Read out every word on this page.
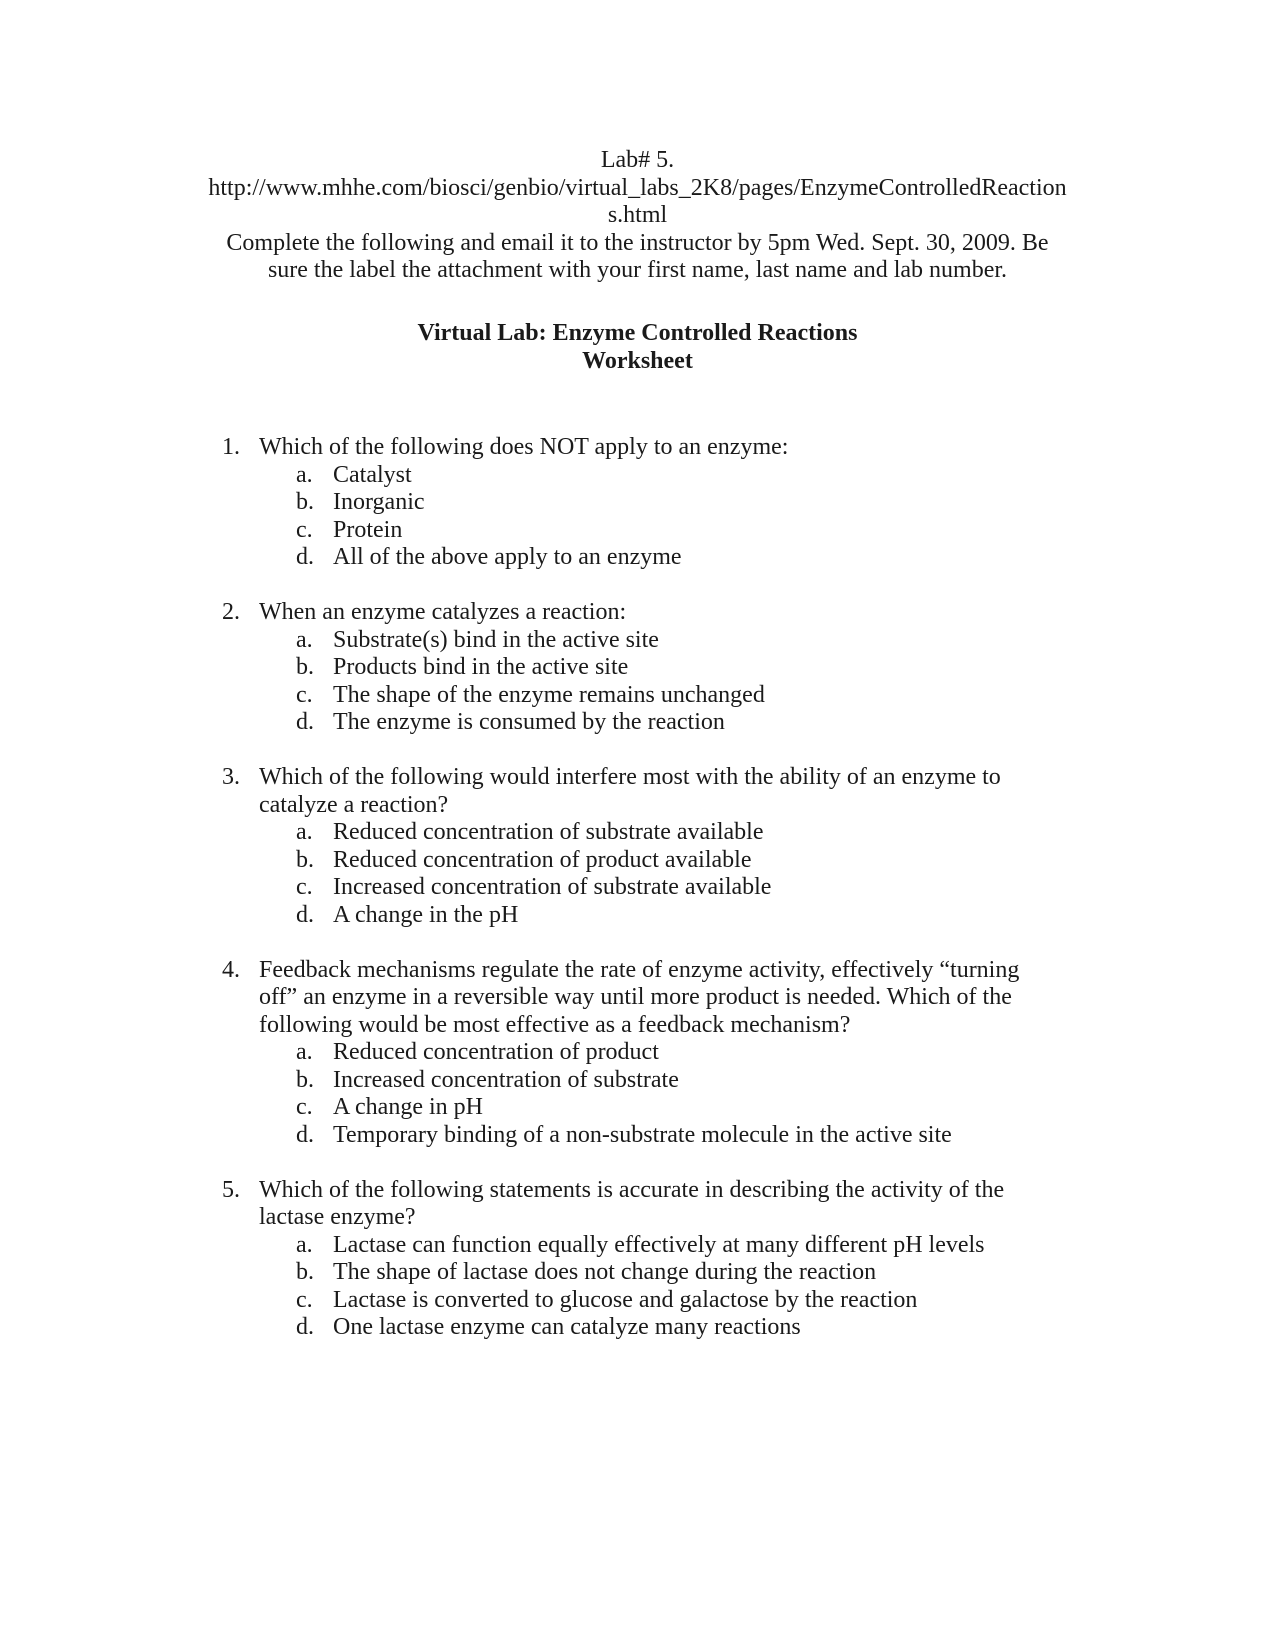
Lab# 5.
http://www.mhhe.com/biosci/genbio/virtual_labs_2K8/pages/EnzymeControlledReaction
s.html
Complete the following and email it to the instructor by 5pm Wed. Sept. 30, 2009. Be
sure the label the attachment with your first name, last name and lab number.
Virtual Lab: Enzyme Controlled Reactions
Worksheet
1. Which of the following does NOT apply to an enzyme:
a. Catalyst
b. Inorganic
c. Protein
d. All of the above apply to an enzyme
2. When an enzyme catalyzes a reaction:
a. Substrate(s) bind in the active site
b. Products bind in the active site
c. The shape of the enzyme remains unchanged
d. The enzyme is consumed by the reaction
3. Which of the following would interfere most with the ability of an enzyme to catalyze a reaction?
a. Reduced concentration of substrate available
b. Reduced concentration of product available
c. Increased concentration of substrate available
d. A change in the pH
4. Feedback mechanisms regulate the rate of enzyme activity, effectively “turning off” an enzyme in a reversible way until more product is needed. Which of the following would be most effective as a feedback mechanism?
a. Reduced concentration of product
b. Increased concentration of substrate
c. A change in pH
d. Temporary binding of a non-substrate molecule in the active site
5. Which of the following statements is accurate in describing the activity of the lactase enzyme?
a. Lactase can function equally effectively at many different pH levels
b. The shape of lactase does not change during the reaction
c. Lactase is converted to glucose and galactose by the reaction
d. One lactase enzyme can catalyze many reactions
